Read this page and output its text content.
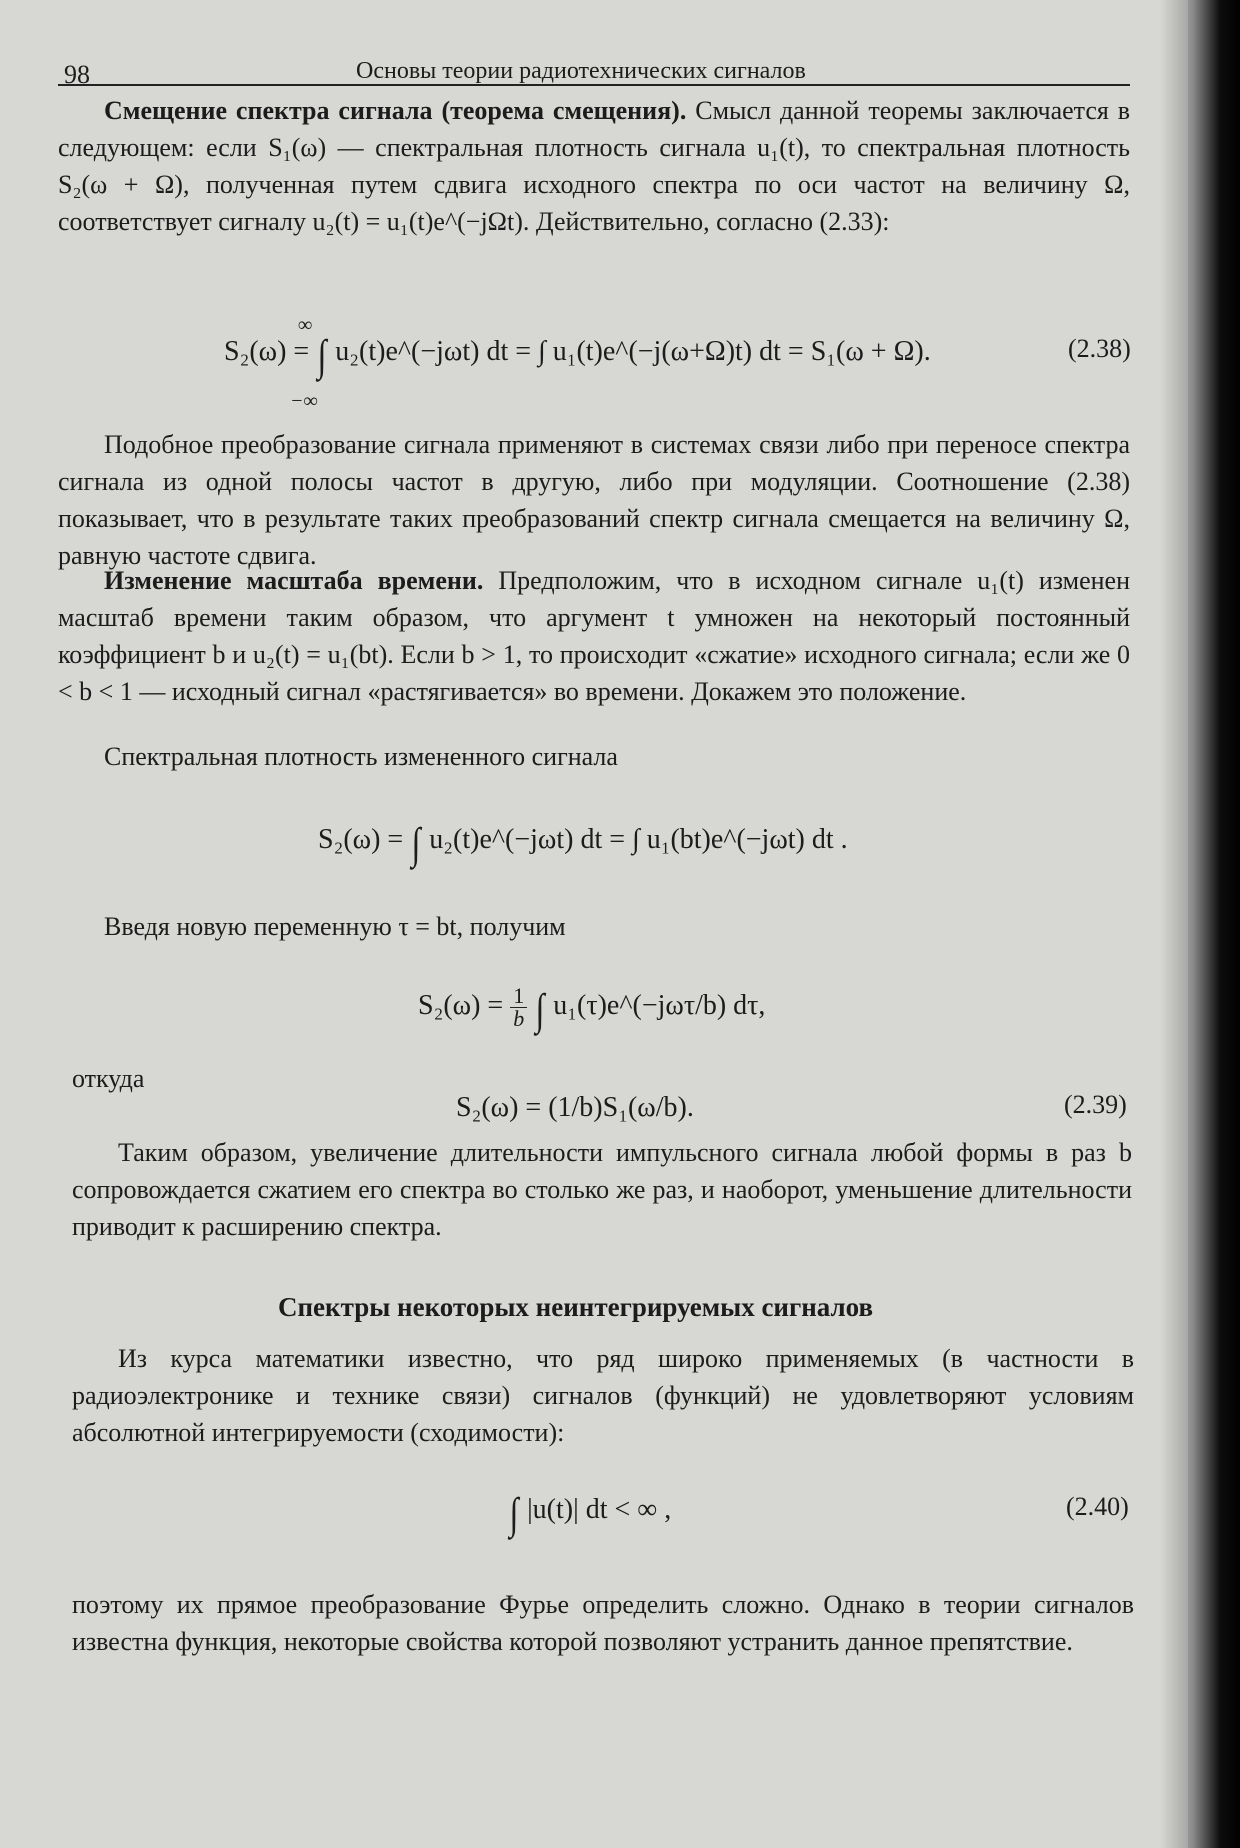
98	Основы теории радиотехнических сигналов
Смещение спектра сигнала (теорема смещения). Смысл данной теоремы заключается в следующем: если S₁(ω) — спектральная плотность сигнала u₁(t), то спектральная плотность S₂(ω + Ω), полученная путем сдвига исходного спектра по оси частот на величину Ω, соответствует сигналу u₂(t) = u₁(t)e^(−jΩt). Действительно, согласно (2.33):
S₂(ω) = ∫ u₂(t)e^(−jωt) dt = ∫ u₁(t)e^(−j(ω+Ω)t) dt = S₁(ω + Ω).
∞
−∞
(2.38)
Подобное преобразование сигнала применяют в системах связи либо при переносе спектра сигнала из одной полосы частот в другую, либо при модуляции. Соотношение (2.38) показывает, что в результате таких преобразований спектр сигнала смещается на величину Ω, равную частоте сдвига.
Изменение масштаба времени. Предположим, что в исходном сигнале u₁(t) изменен масштаб времени таким образом, что аргумент t умножен на некоторый постоянный коэффициент b и u₂(t) = u₁(bt). Если b > 1, то происходит «сжатие» исходного сигнала; если же 0 < b < 1 — исходный сигнал «растягивается» во времени. Докажем это положение.
Спектральная плотность измененного сигнала
S₂(ω) = ∫ u₂(t)e^(−jωt) dt = ∫ u₁(bt)e^(−jωt) dt .
Введя новую переменную τ = bt, получим
$S_2(\omega) = \frac{1}{b}$ ∫ u₁(τ)e^(−jωτ/b) dτ,
откуда
S₂(ω) = (1/b)S₁(ω/b).	(2.39)
Таким образом, увеличение длительности импульсного сигнала любой формы в раз b сопровождается сжатием его спектра во столько же раз, и наоборот, уменьшение длительности приводит к расширению спектра.
Спектры некоторых неинтегрируемых сигналов
Из курса математики известно, что ряд широко применяемых (в частности в радиоэлектронике и технике связи) сигналов (функций) не удовлетворяют условиям абсолютной интегрируемости (сходимости):
∫ |u(t)| dt < ∞ ,	(2.40)
поэтому их прямое преобразование Фурье определить сложно. Однако в теории сигналов известна функция, некоторые свойства которой позволяют устранить данное препятствие.
